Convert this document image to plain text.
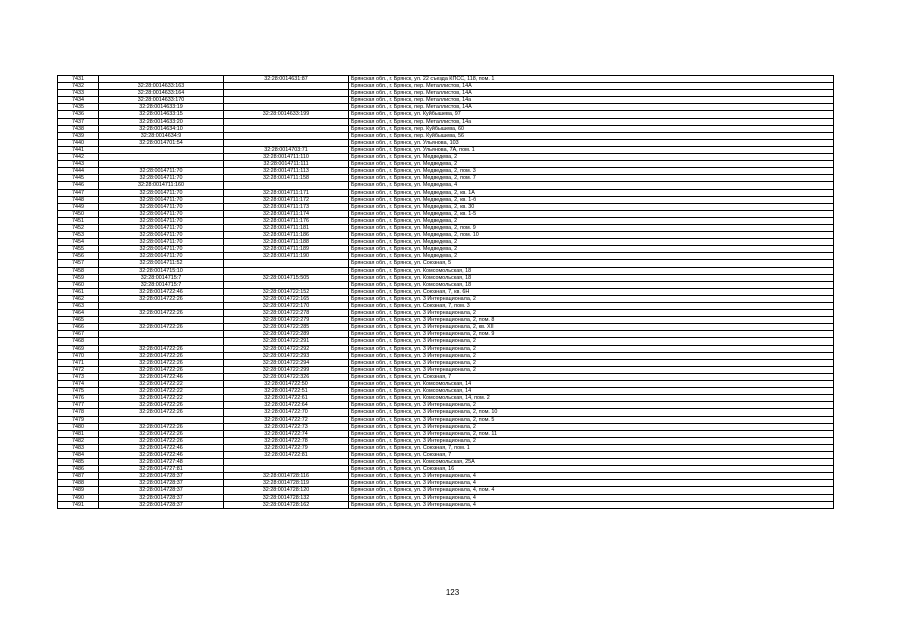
7431		32:28:0014631:87	Брянская обл., г. Брянск, ул. 22 съезда КПСС, 118, пом. 1
7432	32:28:0014633:163		Брянская обл., г. Брянск, пер. Металлистов, 14А
7433	32:28:0014633:164		Брянская обл., г. Брянск, пер. Металлистов, 14А
7434	32:28:0014633:170		Брянская обл., г. Брянск, пер. Металлистов, 14а
7435	32:28:0014633:19		Брянская обл., г. Брянск, пер. Металлистов, 14А
7436	32:28:0014633:15	32:28:0014633:199	Брянская обл., г. Брянск, ул. Куйбышева, 97
7437	32:28:0014633:20		Брянская обл., г. Брянск, пер. Металлистов, 14а
7438	32:28:0014634:10		Брянская обл., г. Брянск, пер. Куйбышева, 60
7439	32:28:0014634:9		Брянская обл., г. Брянск, пер. Куйбышева, 56
7440	32:28:0014701:54		Брянская обл., г. Брянск, ул. Ульянова, 103
7441		32:28:0014703:71	Брянская обл., г. Брянск, ул. Ульянова, 7А, пом. 1
7442		32:28:0014711:110	Брянская обл., г. Брянск, ул. Медведева, 2
7443		32:28:0014711:111	Брянская обл., г. Брянск, ул. Медведева, 2
7444	32:28:0014711:70	32:28:0014711:113	Брянская обл., г. Брянск, ул. Медведева, 2, пом. 3
7445	32:28:0014711:70	32:28:0014711:158	Брянская обл., г. Брянск, ул. Медведева, 2, пом. 7
7446	32:28:0014711:160		Брянская обл., г. Брянск, ул. Медведева, 4
7447	32:28:0014711:70	32:28:0014711:171	Брянская обл., г. Брянск, ул. Медведева, 2, кв. 1А
7448	32:28:0014711:70	32:28:0014711:172	Брянская обл., г. Брянск, ул. Медведева, 2, кв. 1-б
7449	32:28:0014711:70	32:28:0014711:173	Брянская обл., г. Брянск, ул. Медведева, 2, кв. 30
7450	32:28:0014711:70	32:28:0014711:174	Брянская обл., г. Брянск, ул. Медведева, 2, кв. 1-5
7451	32:28:0014711:70	32:28:0014711:176	Брянская обл., г. Брянск, ул. Медведева, 2
7452	32:28:0014711:70	32:28:0014711:181	Брянская обл., г. Брянск, ул. Медведева, 2, пом. 9
7453	32:28:0014711:70	32:28:0014711:186	Брянская обл., г. Брянск, ул. Медведева, 2, пом. 10
7454	32:28:0014711:70	32:28:0014711:188	Брянская обл., г. Брянск, ул. Медведева, 2
7455	32:28:0014711:70	32:28:0014711:189	Брянская обл., г. Брянск, ул. Медведева, 2
7456	32:28:0014711:70	32:28:0014711:190	Брянская обл., г. Брянск, ул. Медведева, 2
7457	32:28:0014711:52		Брянская обл., г. Брянск, ул. Союзная, 5
7458	32:28:0014715:10		Брянская обл., г. Брянск, ул. Комсомольская, 18
7459	32:28:0014715:7	32:28:0014715:505	Брянская обл., г. Брянск, ул. Комсомольская, 18
7460	32:28:0014715:7		Брянская обл., г. Брянск, ул. Комсомольская, 18
7461	32:28:0014722:46	32:28:0014722:152	Брянская обл., г. Брянск, ул. Союзная, 7, кв. 6Н
7462	32:28:0014722:26	32:28:0014722:165	Брянская обл., г. Брянск, ул. 3 Интернационала, 2
7463		32:28:0014722:170	Брянская обл., г. Брянск, ул. Союзная, 7, пом. 3
7464	32:28:0014722:26	32:28:0014722:278	Брянская обл., г. Брянск, ул. 3 Интернационала, 2
7465		32:28:0014722:279	Брянская обл., г. Брянск, ул. 3 Интернационала, 2, пом. 8
7466	32:28:0014722:26	32:28:0014722:285	Брянская обл., г. Брянск, ул. 3 Интернационала, 2, кв. XII
7467		32:28:0014722:289	Брянская обл., г. Брянск, ул. 3 Интернационала, 2, пом. 9
7468		32:28:0014722:291	Брянская обл., г. Брянск, ул. 3 Интернационала, 2
7469	32:28:0014722:26	32:28:0014722:292	Брянская обл., г. Брянск, ул. 3 Интернационала, 2
7470	32:28:0014722:26	32:28:0014722:293	Брянская обл., г. Брянск, ул. 3 Интернационала, 2
7471	32:28:0014722:26	32:28:0014722:294	Брянская обл., г. Брянск, ул. 3 Интернационала, 2
7472	32:28:0014722:26	32:28:0014722:299	Брянская обл., г. Брянск, ул. 3 Интернационала, 2
7473	32:28:0014722:46	32:28:0014722:326	Брянская обл., г. Брянск, ул. Союзная, 7
7474	32:28:0014722:22	32:28:0014722:50	Брянская обл., г. Брянск, ул. Комсомольская, 14
7475	32:28:0014722:22	32:28:0014722:51	Брянская обл., г. Брянск, ул. Комсомольская, 14
7476	32:28:0014722:22	32:28:0014722:61	Брянская обл., г. Брянск, ул. Комсомольская, 14, пом. 2
7477	32:28:0014722:26	32:28:0014722:64	Брянская обл., г. Брянск, ул. 3 Интернационала, 2
7478	32:28:0014722:26	32:28:0014722:70	Брянская обл., г. Брянск, ул. 3 Интернационала, 2, пом. 10
7479		32:28:0014722:72	Брянская обл., г. Брянск, ул. 3 Интернационала, 2, пом. 5
7480	32:28:0014722:26	32:28:0014722:73	Брянская обл., г. Брянск, ул. 3 Интернационала, 2
7481	32:28:0014722:26	32:28:0014722:74	Брянская обл., г. Брянск, ул. 3 Интернационала, 2, пом. 11
7482	32:28:0014722:26	32:28:0014722:78	Брянская обл., г. Брянск, ул. 3 Интернационала, 2
7483	32:28:0014722:46	32:28:0014722:79	Брянская обл., г. Брянск, ул. Союзная, 7, пом. 1
7484	32:28:0014722:46	32:28:0014722:81	Брянская обл., г. Брянск, ул. Союзная, 7
7485	32:28:0014727:48		Брянская обл., г. Брянск, ул. Комсомольская, 25А
7486	32:28:0014727:81		Брянская обл., г. Брянск, ул. Союзная, 16
7487	32:28:0014728:37	32:28:0014728:116	Брянская обл., г. Брянск, ул. 3 Интернационала, 4
7488	32:28:0014728:37	32:28:0014728:119	Брянская обл., г. Брянск, ул. 3 Интернационала, 4
7489	32:28:0014728:37	32:28:0014728:120	Брянская обл., г. Брянск, ул. 3 Интернационала, 4, пом. 4
7490	32:28:0014728:37	32:28:0014728:132	Брянская обл., г. Брянск, ул. 3 Интернационала, 4
7491	32:28:0014728:37	32:28:0014728:162	Брянская обл., г. Брянск, ул. 3 Интернационала, 4
123
